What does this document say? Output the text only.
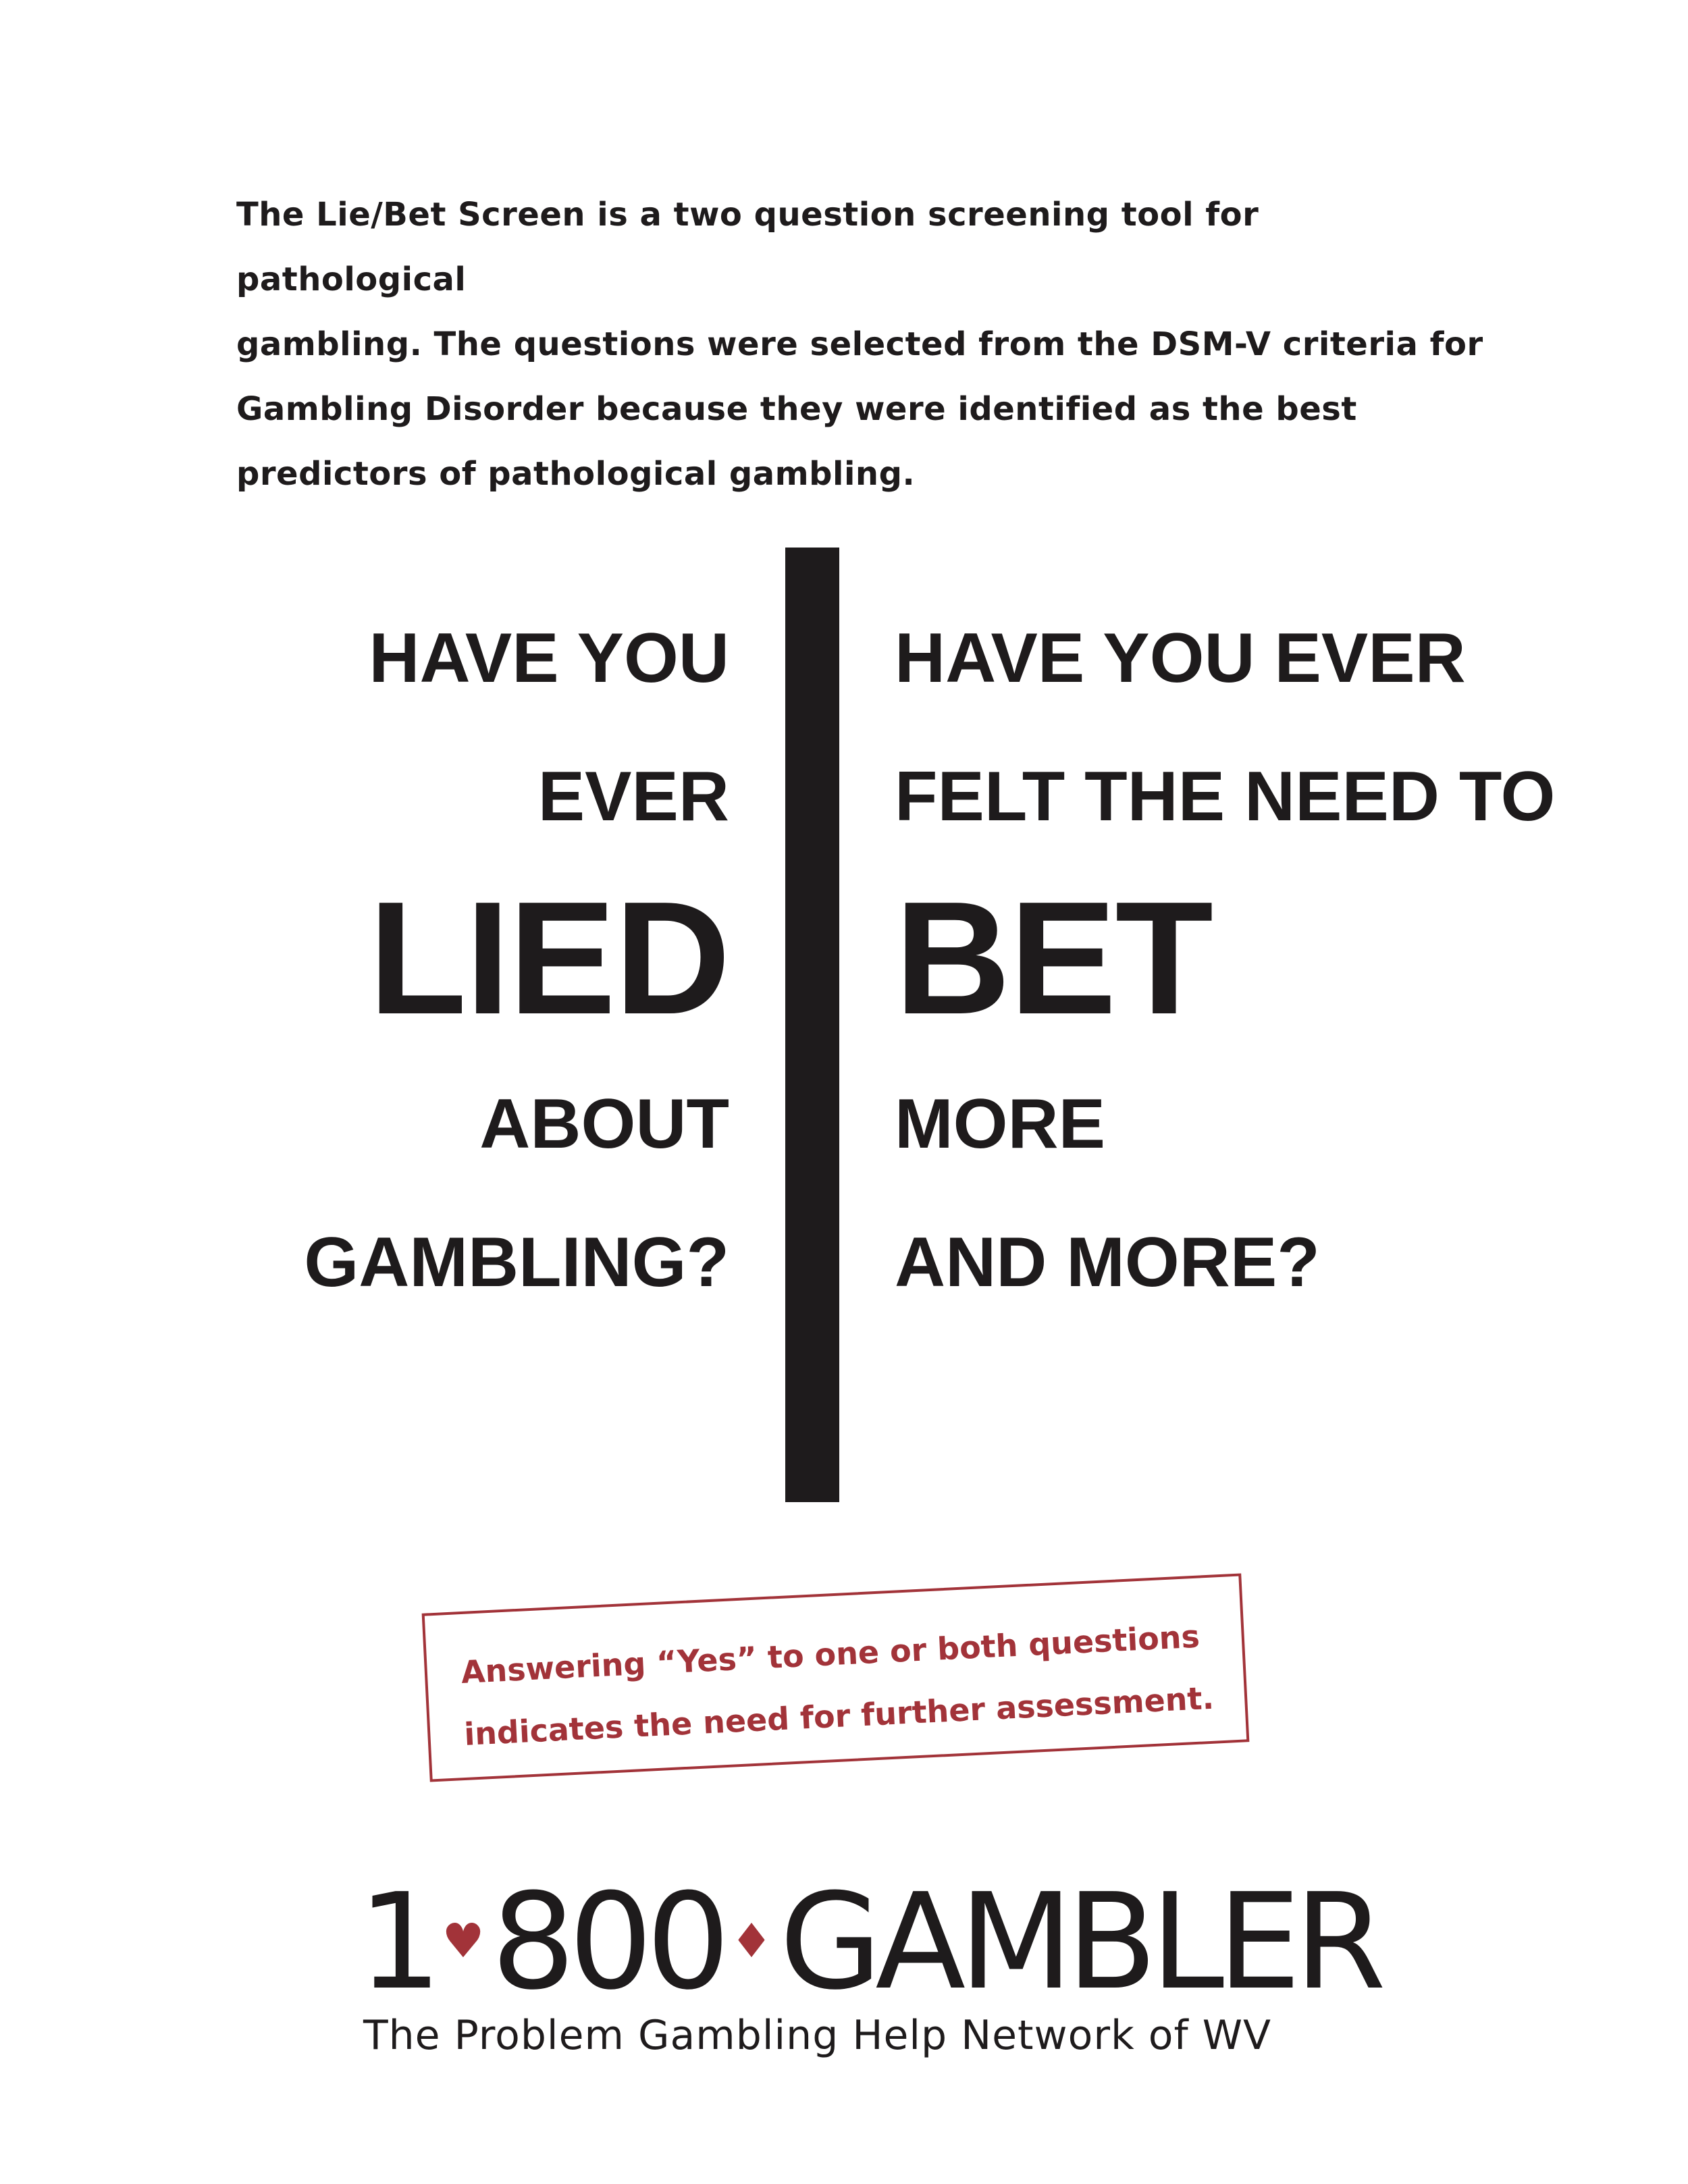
The Lie/Bet Screen is a two question screening tool for pathological
gambling. The questions were selected from the DSM-V criteria for
Gambling Disorder because they were identified as the best
predictors of pathological gambling.

HAVE YOU
EVER
LIED
ABOUT
GAMBLING?
HAVE YOU EVER
FELT THE NEED TO
BET
MORE
AND MORE?
Answering “Yes” to one or both questions
indicates the need for further assessment.
1 ♥ 800 ♦ GAMBLER
The Problem Gambling Help Network of WV
